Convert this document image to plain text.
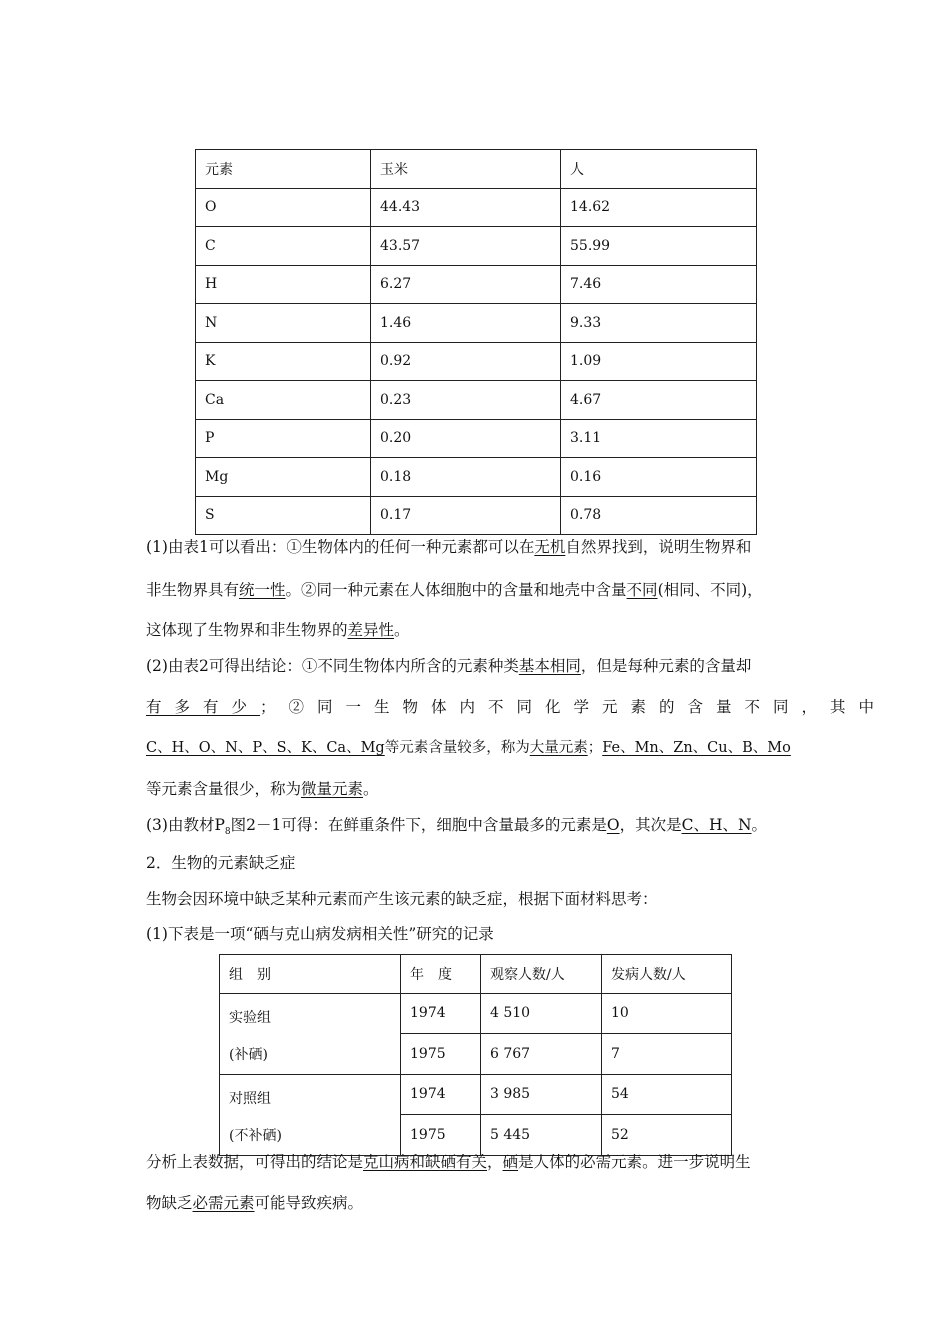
元素	玉米	人
O	44.43	14.62
C	43.57	55.99
H	6.27	7.46
N	1.46	9.33
K	0.92	1.09
Ca	0.23	4.67
P	0.20	3.11
Mg	0.18	0.16
S	0.17	0.78
(1)由表1可以看出：①生物体内的任何一种元素都可以在无机自然界找到，说明生物界和
非生物界具有统一性。②同一种元素在人体细胞中的含量和地壳中含量不同(相同、不同)，
这体现了生物界和非生物界的差异性。
(2)由表2可得出结论：①不同生物体内所含的元素种类基本相同，但是每种元素的含量却
有多有少 ；②同一生物体内不同化学元素的含量不同，其中
C、H、O、N、P、S、K、Ca、Mg等元素含量较多，称为大量元素；Fe、Mn、Zn、Cu、B、Mo
等元素含量很少，称为微量元素。
(3)由教材$P_8$图2－1可得：在鲜重条件下，细胞中含量最多的元素是O，其次是C、H、N。
2．生物的元素缺乏症
生物会因环境中缺乏某种元素而产生该元素的缺乏症，根据下面材料思考：
(1)下表是一项“硒与克山病发病相关性”研究的记录
组　别	年　度	观察人数/人	发病人数/人

实验组
(补硒)	1974	4 510	10
	1975	6 767	7

对照组
(不补硒)	1974	3 985	54
	1975	5 445	52
分析上表数据，可得出的结论是克山病和缺硒有关，硒是人体的必需元素。进一步说明生
物缺乏必需元素可能导致疾病。
